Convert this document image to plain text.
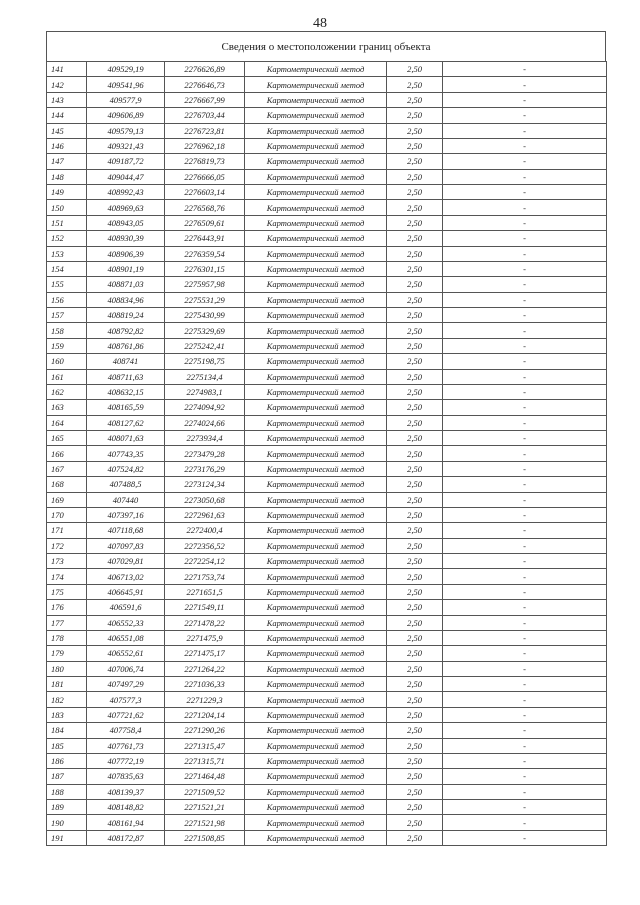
48
Сведения о местоположении границ объекта
141	409529,19	2276626,89	Картометрический метод	2,50	-
142	409541,96	2276646,73	Картометрический метод	2,50	-
143	409577,9	2276667,99	Картометрический метод	2,50	-
144	409606,89	2276703,44	Картометрический метод	2,50	-
145	409579,13	2276723,81	Картометрический метод	2,50	-
146	409321,43	2276962,18	Картометрический метод	2,50	-
147	409187,72	2276819,73	Картометрический метод	2,50	-
148	409044,47	2276666,05	Картометрический метод	2,50	-
149	408992,43	2276603,14	Картометрический метод	2,50	-
150	408969,63	2276568,76	Картометрический метод	2,50	-
151	408943,05	2276509,61	Картометрический метод	2,50	-
152	408930,39	2276443,91	Картометрический метод	2,50	-
153	408906,39	2276359,54	Картометрический метод	2,50	-
154	408901,19	2276301,15	Картометрический метод	2,50	-
155	408871,03	2275957,98	Картометрический метод	2,50	-
156	408834,96	2275531,29	Картометрический метод	2,50	-
157	408819,24	2275430,99	Картометрический метод	2,50	-
158	408792,82	2275329,69	Картометрический метод	2,50	-
159	408761,86	2275242,41	Картометрический метод	2,50	-
160	408741	2275198,75	Картометрический метод	2,50	-
161	408711,63	2275134,4	Картометрический метод	2,50	-
162	408632,15	2274983,1	Картометрический метод	2,50	-
163	408165,59	2274094,92	Картометрический метод	2,50	-
164	408127,62	2274024,66	Картометрический метод	2,50	-
165	408071,63	2273934,4	Картометрический метод	2,50	-
166	407743,35	2273479,28	Картометрический метод	2,50	-
167	407524,82	2273176,29	Картометрический метод	2,50	-
168	407488,5	2273124,34	Картометрический метод	2,50	-
169	407440	2273050,68	Картометрический метод	2,50	-
170	407397,16	2272961,63	Картометрический метод	2,50	-
171	407118,68	2272400,4	Картометрический метод	2,50	-
172	407097,83	2272356,52	Картометрический метод	2,50	-
173	407029,81	2272254,12	Картометрический метод	2,50	-
174	406713,02	2271753,74	Картометрический метод	2,50	-
175	406645,91	2271651,5	Картометрический метод	2,50	-
176	406591,6	2271549,11	Картометрический метод	2,50	-
177	406552,33	2271478,22	Картометрический метод	2,50	-
178	406551,08	2271475,9	Картометрический метод	2,50	-
179	406552,61	2271475,17	Картометрический метод	2,50	-
180	407006,74	2271264,22	Картометрический метод	2,50	-
181	407497,29	2271036,33	Картометрический метод	2,50	-
182	407577,3	2271229,3	Картометрический метод	2,50	-
183	407721,62	2271204,14	Картометрический метод	2,50	-
184	407758,4	2271290,26	Картометрический метод	2,50	-
185	407761,73	2271315,47	Картометрический метод	2,50	-
186	407772,19	2271315,71	Картометрический метод	2,50	-
187	407835,63	2271464,48	Картометрический метод	2,50	-
188	408139,37	2271509,52	Картометрический метод	2,50	-
189	408148,82	2271521,21	Картометрический метод	2,50	-
190	408161,94	2271521,98	Картометрический метод	2,50	-
191	408172,87	2271508,85	Картометрический метод	2,50	-
